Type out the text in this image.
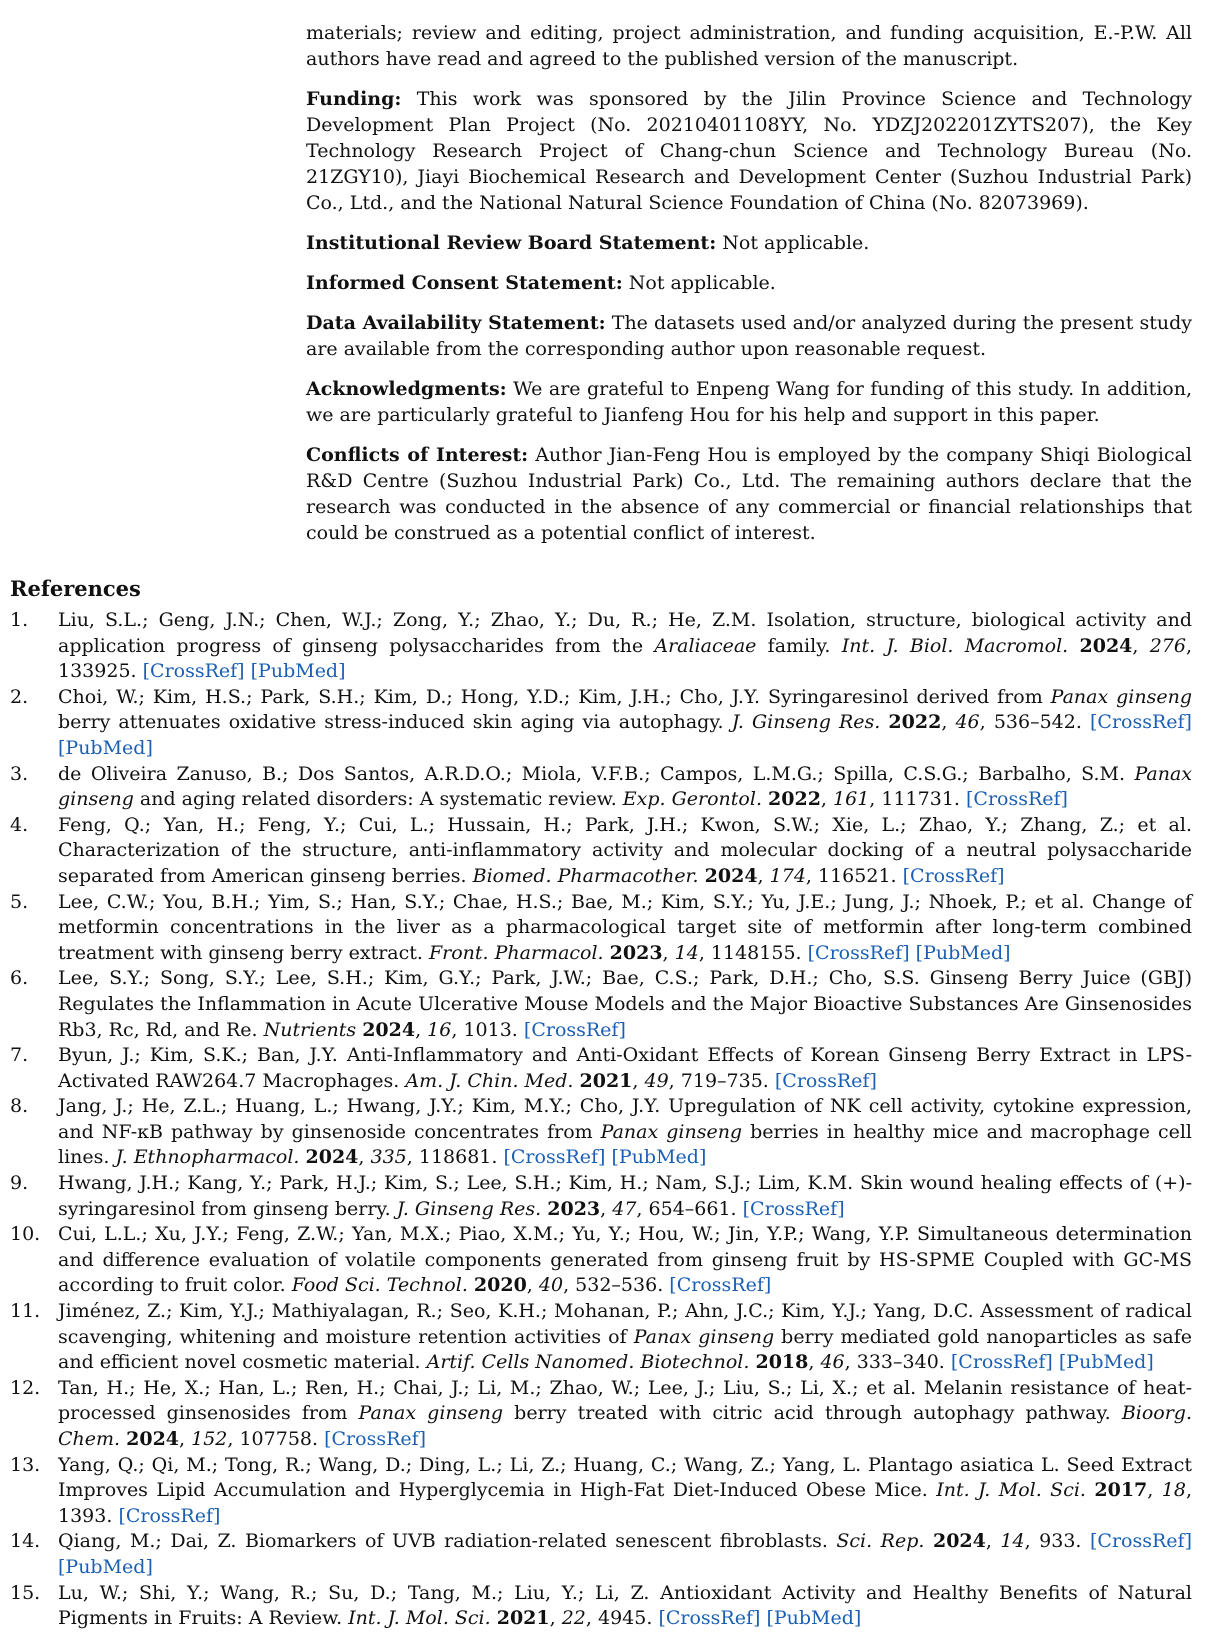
materials; review and editing, project administration, and funding acquisition, E.-P.W. All authors have read and agreed to the published version of the manuscript.

Funding: This work was sponsored by the Jilin Province Science and Technology Development Plan Project (No. 20210401108YY, No. YDZJ202201ZYTS207), the Key Technology Research Project of Chang-chun Science and Technology Bureau (No. 21ZGY10), Jiayi Biochemical Research and Development Center (Suzhou Industrial Park) Co., Ltd., and the National Natural Science Foundation of China (No. 82073969).

Institutional Review Board Statement: Not applicable.

Informed Consent Statement: Not applicable.

Data Availability Statement: The datasets used and/or analyzed during the present study are available from the corresponding author upon reasonable request.

Acknowledgments: We are grateful to Enpeng Wang for funding of this study. In addition, we are particularly grateful to Jianfeng Hou for his help and support in this paper.

Conflicts of Interest: Author Jian-Feng Hou is employed by the company Shiqi Biological R&D Centre (Suzhou Industrial Park) Co., Ltd. The remaining authors declare that the research was conducted in the absence of any commercial or financial relationships that could be construed as a potential conflict of interest.

References
1. Liu, S.L.; Geng, J.N.; Chen, W.J.; Zong, Y.; Zhao, Y.; Du, R.; He, Z.M. Isolation, structure, biological activity and application progress of ginseng polysaccharides from the Araliaceae family. Int. J. Biol. Macromol. 2024, 276, 133925. [CrossRef] [PubMed]
2. Choi, W.; Kim, H.S.; Park, S.H.; Kim, D.; Hong, Y.D.; Kim, J.H.; Cho, J.Y. Syringaresinol derived from Panax ginseng berry attenuates oxidative stress-induced skin aging via autophagy. J. Ginseng Res. 2022, 46, 536–542. [CrossRef] [PubMed]
3. de Oliveira Zanuso, B.; Dos Santos, A.R.D.O.; Miola, V.F.B.; Campos, L.M.G.; Spilla, C.S.G.; Barbalho, S.M. Panax ginseng and aging related disorders: A systematic review. Exp. Gerontol. 2022, 161, 111731. [CrossRef]
4. Feng, Q.; Yan, H.; Feng, Y.; Cui, L.; Hussain, H.; Park, J.H.; Kwon, S.W.; Xie, L.; Zhao, Y.; Zhang, Z.; et al. Characterization of the structure, anti-inflammatory activity and molecular docking of a neutral polysaccharide separated from American ginseng berries. Biomed. Pharmacother. 2024, 174, 116521. [CrossRef]
5. Lee, C.W.; You, B.H.; Yim, S.; Han, S.Y.; Chae, H.S.; Bae, M.; Kim, S.Y.; Yu, J.E.; Jung, J.; Nhoek, P.; et al. Change of metformin concentrations in the liver as a pharmacological target site of metformin after long-term combined treatment with ginseng berry extract. Front. Pharmacol. 2023, 14, 1148155. [CrossRef] [PubMed]
6. Lee, S.Y.; Song, S.Y.; Lee, S.H.; Kim, G.Y.; Park, J.W.; Bae, C.S.; Park, D.H.; Cho, S.S. Ginseng Berry Juice (GBJ) Regulates the Inflammation in Acute Ulcerative Mouse Models and the Major Bioactive Substances Are Ginsenosides Rb3, Rc, Rd, and Re. Nutrients 2024, 16, 1013. [CrossRef]
7. Byun, J.; Kim, S.K.; Ban, J.Y. Anti-Inflammatory and Anti-Oxidant Effects of Korean Ginseng Berry Extract in LPS-Activated RAW264.7 Macrophages. Am. J. Chin. Med. 2021, 49, 719–735. [CrossRef]
8. Jang, J.; He, Z.L.; Huang, L.; Hwang, J.Y.; Kim, M.Y.; Cho, J.Y. Upregulation of NK cell activity, cytokine expression, and NF-κB pathway by ginsenoside concentrates from Panax ginseng berries in healthy mice and macrophage cell lines. J. Ethnopharmacol. 2024, 335, 118681. [CrossRef] [PubMed]
9. Hwang, J.H.; Kang, Y.; Park, H.J.; Kim, S.; Lee, S.H.; Kim, H.; Nam, S.J.; Lim, K.M. Skin wound healing effects of (+)-syringaresinol from ginseng berry. J. Ginseng Res. 2023, 47, 654–661. [CrossRef]
10. Cui, L.L.; Xu, J.Y.; Feng, Z.W.; Yan, M.X.; Piao, X.M.; Yu, Y.; Hou, W.; Jin, Y.P.; Wang, Y.P. Simultaneous determination and difference evaluation of volatile components generated from ginseng fruit by HS-SPME Coupled with GC-MS according to fruit color. Food Sci. Technol. 2020, 40, 532–536. [CrossRef]
11. Jiménez, Z.; Kim, Y.J.; Mathiyalagan, R.; Seo, K.H.; Mohanan, P.; Ahn, J.C.; Kim, Y.J.; Yang, D.C. Assessment of radical scavenging, whitening and moisture retention activities of Panax ginseng berry mediated gold nanoparticles as safe and efficient novel cosmetic material. Artif. Cells Nanomed. Biotechnol. 2018, 46, 333–340. [CrossRef] [PubMed]
12. Tan, H.; He, X.; Han, L.; Ren, H.; Chai, J.; Li, M.; Zhao, W.; Lee, J.; Liu, S.; Li, X.; et al. Melanin resistance of heat-processed ginsenosides from Panax ginseng berry treated with citric acid through autophagy pathway. Bioorg. Chem. 2024, 152, 107758. [CrossRef]
13. Yang, Q.; Qi, M.; Tong, R.; Wang, D.; Ding, L.; Li, Z.; Huang, C.; Wang, Z.; Yang, L. Plantago asiatica L. Seed Extract Improves Lipid Accumulation and Hyperglycemia in High-Fat Diet-Induced Obese Mice. Int. J. Mol. Sci. 2017, 18, 1393. [CrossRef]
14. Qiang, M.; Dai, Z. Biomarkers of UVB radiation-related senescent fibroblasts. Sci. Rep. 2024, 14, 933. [CrossRef] [PubMed]
15. Lu, W.; Shi, Y.; Wang, R.; Su, D.; Tang, M.; Liu, Y.; Li, Z. Antioxidant Activity and Healthy Benefits of Natural Pigments in Fruits: A Review. Int. J. Mol. Sci. 2021, 22, 4945. [CrossRef] [PubMed]
